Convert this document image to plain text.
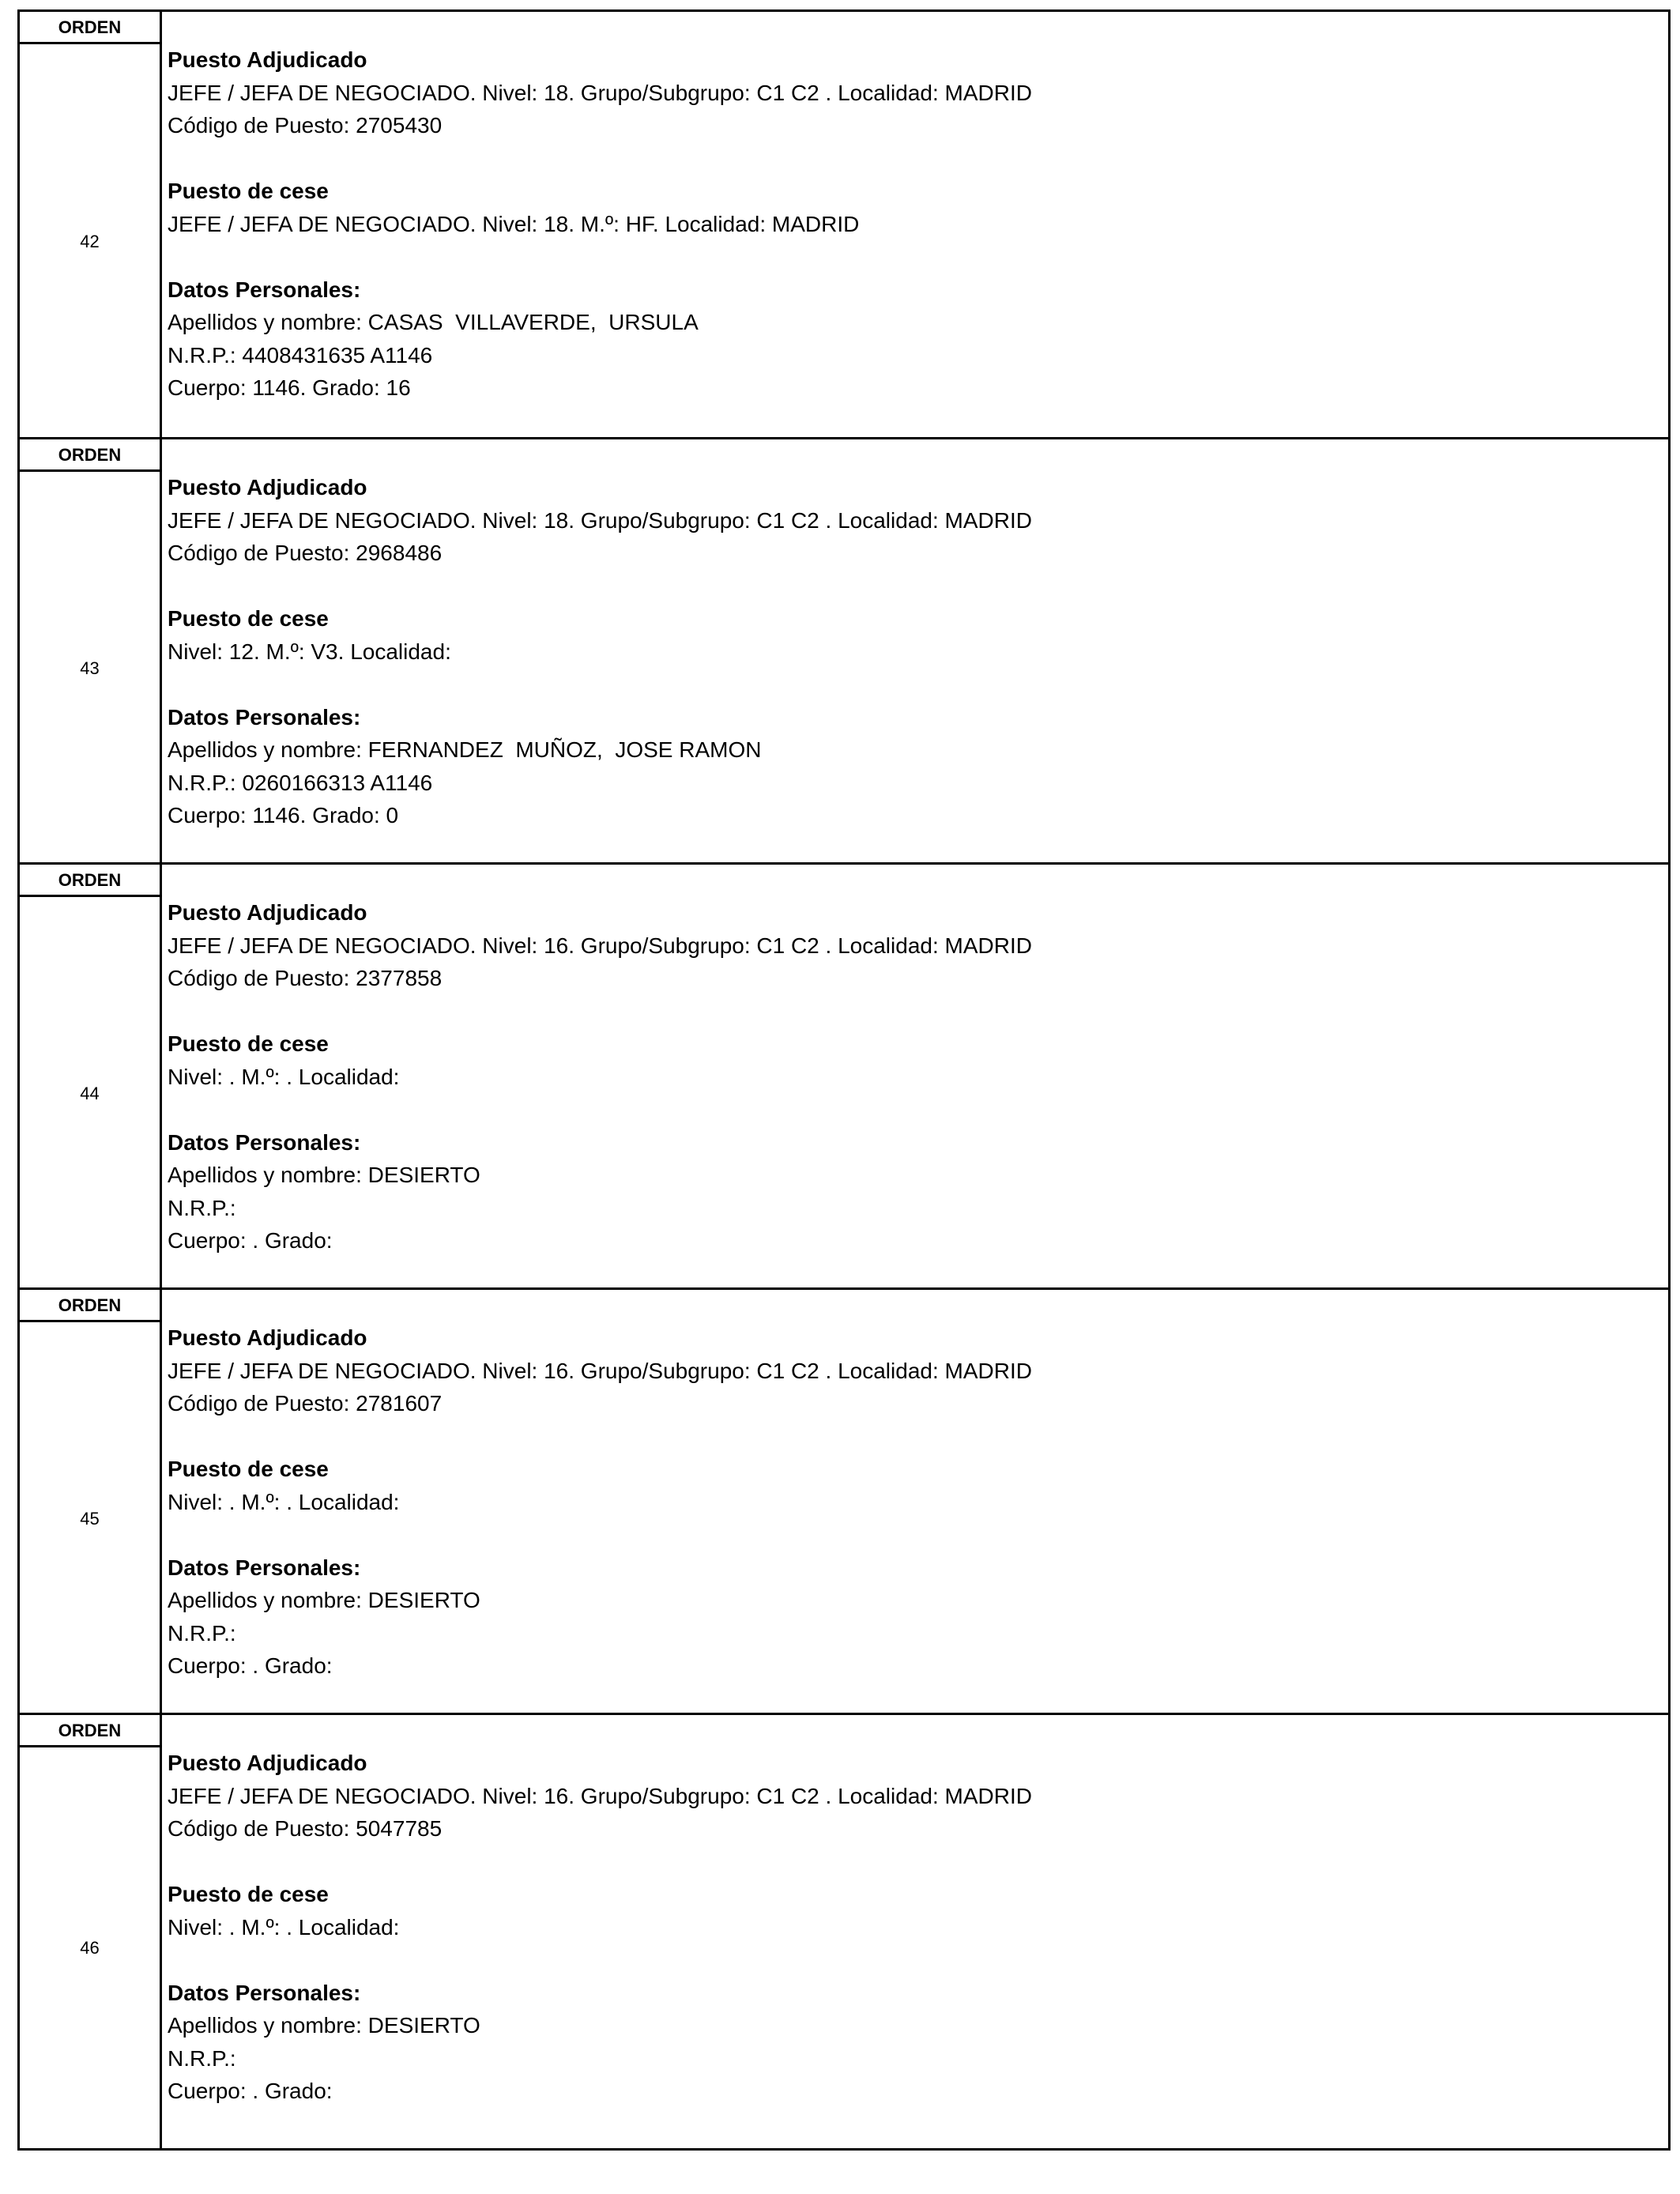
ORDEN
42
Puesto Adjudicado
JEFE / JEFA DE NEGOCIADO. Nivel: 18. Grupo/Subgrupo: C1 C2 . Localidad: MADRID
Código de Puesto: 2705430
Puesto de cese
JEFE / JEFA DE NEGOCIADO. Nivel: 18. M.º: HF. Localidad: MADRID
Datos Personales:
Apellidos y nombre: CASAS  VILLAVERDE,  URSULA
N.R.P.: 4408431635 A1146
Cuerpo: 1146. Grado: 16
ORDEN
43
Puesto Adjudicado
JEFE / JEFA DE NEGOCIADO. Nivel: 18. Grupo/Subgrupo: C1 C2 . Localidad: MADRID
Código de Puesto: 2968486
Puesto de cese
Nivel: 12. M.º: V3. Localidad:
Datos Personales:
Apellidos y nombre: FERNANDEZ  MUÑOZ,  JOSE RAMON
N.R.P.: 0260166313 A1146
Cuerpo: 1146. Grado: 0
ORDEN
44
Puesto Adjudicado
JEFE / JEFA DE NEGOCIADO. Nivel: 16. Grupo/Subgrupo: C1 C2 . Localidad: MADRID
Código de Puesto: 2377858
Puesto de cese
Nivel: . M.º: . Localidad:
Datos Personales:
Apellidos y nombre: DESIERTO
N.R.P.:
Cuerpo: . Grado:
ORDEN
45
Puesto Adjudicado
JEFE / JEFA DE NEGOCIADO. Nivel: 16. Grupo/Subgrupo: C1 C2 . Localidad: MADRID
Código de Puesto: 2781607
Puesto de cese
Nivel: . M.º: . Localidad:
Datos Personales:
Apellidos y nombre: DESIERTO
N.R.P.:
Cuerpo: . Grado:
ORDEN
46
Puesto Adjudicado
JEFE / JEFA DE NEGOCIADO. Nivel: 16. Grupo/Subgrupo: C1 C2 . Localidad: MADRID
Código de Puesto: 5047785
Puesto de cese
Nivel: . M.º: . Localidad:
Datos Personales:
Apellidos y nombre: DESIERTO
N.R.P.:
Cuerpo: . Grado:
